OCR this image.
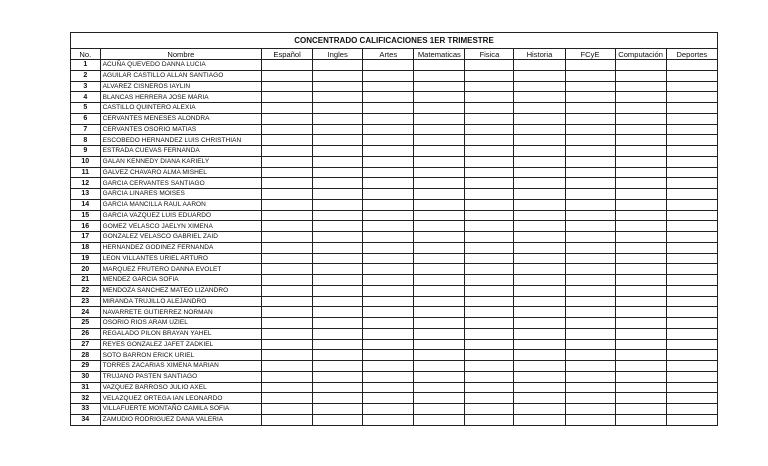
CONCENTRADO CALIFICACIONES 1ER TRIMESTRE										
No.	Nombre	Español	Ingles	Artes	Matematicas	Fisica	Historia	FCyE	Computación	Deportes
1	ACUÑA QUEVEDO DANNA LUCIA									
2	AGUILAR CASTILLO ALLAN SANTIAGO									
3	ALVAREZ CISNEROS IAYLIN									
4	BLANCAS HERRERA JOSE MARIA									
5	CASTILLO QUINTERO ALEXIA									
6	CERVANTES MENESES ALONDRA									
7	CERVANTES OSORIO MATIAS									
8	ESCOBEDO HERNANDEZ LUIS CHRISTHIAN									
9	ESTRADA CUEVAS FERNANDA									
10	GALAN KENNEDY DIANA KARIELY									
11	GALVEZ CHAVARO ALMA MISHEL									
12	GARCIA CERVANTES SANTIAGO									
13	GARCIA LINARES MOISES									
14	GARCIA MANCILLA RAUL AARON									
15	GARCIA VAZQUEZ LUIS EDUARDO									
16	GOMEZ VELASCO JAELYN XIMENA									
17	GONZALEZ VELASCO GABRIEL ZAID									
18	HERNANDEZ GODINEZ FERNANDA									
19	LEON VILLANTES URIEL ARTURO									
20	MARQUEZ FRUTERO DANNA EVOLET									
21	MENDEZ GARCIA SOFIA									
22	MENDOZA SANCHEZ MATEO LIZANDRO									
23	MIRANDA TRUJILLO ALEJANDRO									
24	NAVARRETE GUTIERREZ NORMAN									
25	OSORIO RIOS ARAM UZIEL									
26	REGALADO PILON BRAYAN YAHEL									
27	REYES GONZALEZ JAFET ZADKIEL									
28	SOTO BARRON ERICK URIEL									
29	TORRES ZACARIAS XIMENA MARIAN									
30	TRUJANO PASTEN SANTIAGO									
31	VAZQUEZ BARROSO JULIO AXEL									
32	VELAZQUEZ ORTEGA IAN LEONARDO									
33	VILLAFUERTE MONTAÑO CAMILA SOFIA									
34	ZAMUDIO RODRIGUEZ DANA VALERIA									
